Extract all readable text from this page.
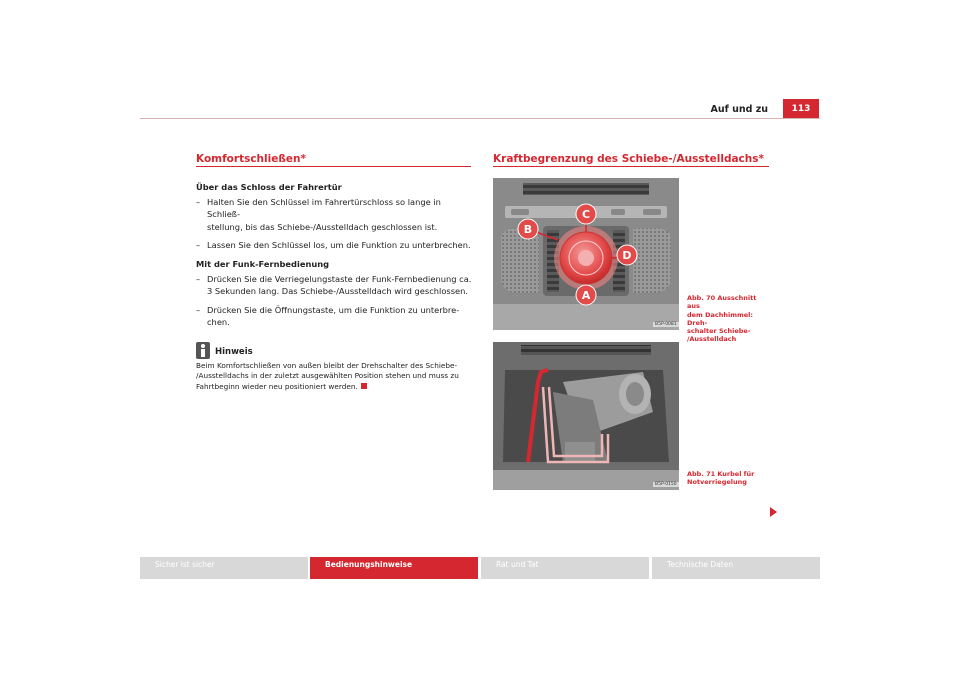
Auf und zu	113
Komfortschließen*
Über das Schloss der Fahrertür
– Halten Sie den Schlüssel im Fahrertürschloss so lange in Schließ-
stellung, bis das Schiebe-/Ausstelldach geschlossen ist.
– Lassen Sie den Schlüssel los, um die Funktion zu unterbrechen.
Mit der Funk-Fernbedienung
– Drücken Sie die Verriegelungstaste der Funk-Fernbedienung ca.
3 Sekunden lang. Das Schiebe-/Ausstelldach wird geschlossen.
– Drücken Sie die Öffnungstaste, um die Funktion zu unterbre-
chen.
Hinweis
Beim Komfortschließen von außen bleibt der Drehschalter des Schiebe-
/Ausstelldachs in der zuletzt ausgewählten Position stehen und muss zu
Fahrtbeginn wieder neu positioniert werden.
Kraftbegrenzung des Schiebe-/Ausstelldachs*
B
C
D
A
B5P-0081
Abb. 70 Ausschnitt aus
dem Dachhimmel: Dreh-
schalter Schiebe-
/Ausstelldach
B5P-0150
Abb. 71 Kurbel für
Notverriegelung
Sicher ist sicher	Bedienungshinweise	Rat und Tat	Technische Daten
